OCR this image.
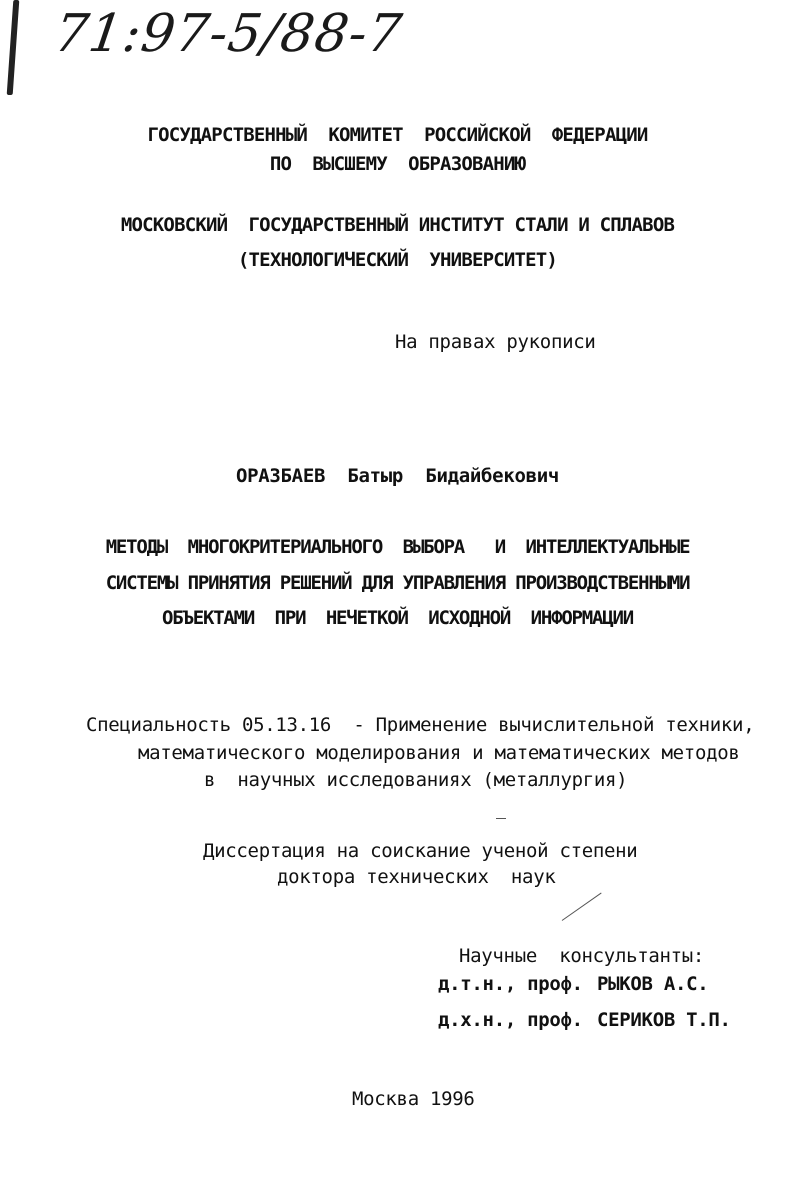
71:97-5/88-7
ГОСУДАРСТВЕННЫЙ  КОМИТЕТ  РОССИЙСКОЙ  ФЕДЕРАЦИИ
ПО  ВЫСШЕМУ  ОБРАЗОВАНИЮ
МОСКОВСКИЙ  ГОСУДАРСТВЕННЫЙ ИНСТИТУТ СТАЛИ И СПЛАВОВ
(ТЕХНОЛОГИЧЕСКИЙ  УНИВЕРСИТЕТ)
На правах рукописи
ОРАЗБАЕВ  Батыр  Бидайбекович
МЕТОДЫ  МНОГОКРИТЕРИАЛЬНОГО  ВЫБОРА   И  ИНТЕЛЛЕКТУАЛЬНЫЕ
СИСТЕМЫ ПРИНЯТИЯ РЕШЕНИЙ ДЛЯ УПРАВЛЕНИЯ ПРОИЗВОДСТВЕННЫМИ
ОБЪЕКТАМИ  ПРИ  НЕЧЕТКОЙ  ИСХОДНОЙ  ИНФОРМАЦИИ
Специальность 05.13.16  - Применение вычислительной техники,
математического моделирования и математических методов
в  научных исследованиях (металлургия)
Диссертация на соискание ученой степени
доктора технических  наук
Научные  консультанты:
д.т.н., проф. РЫКОВ А.С.
д.х.н., проф. СЕРИКОВ Т.П.
Москва 1996
